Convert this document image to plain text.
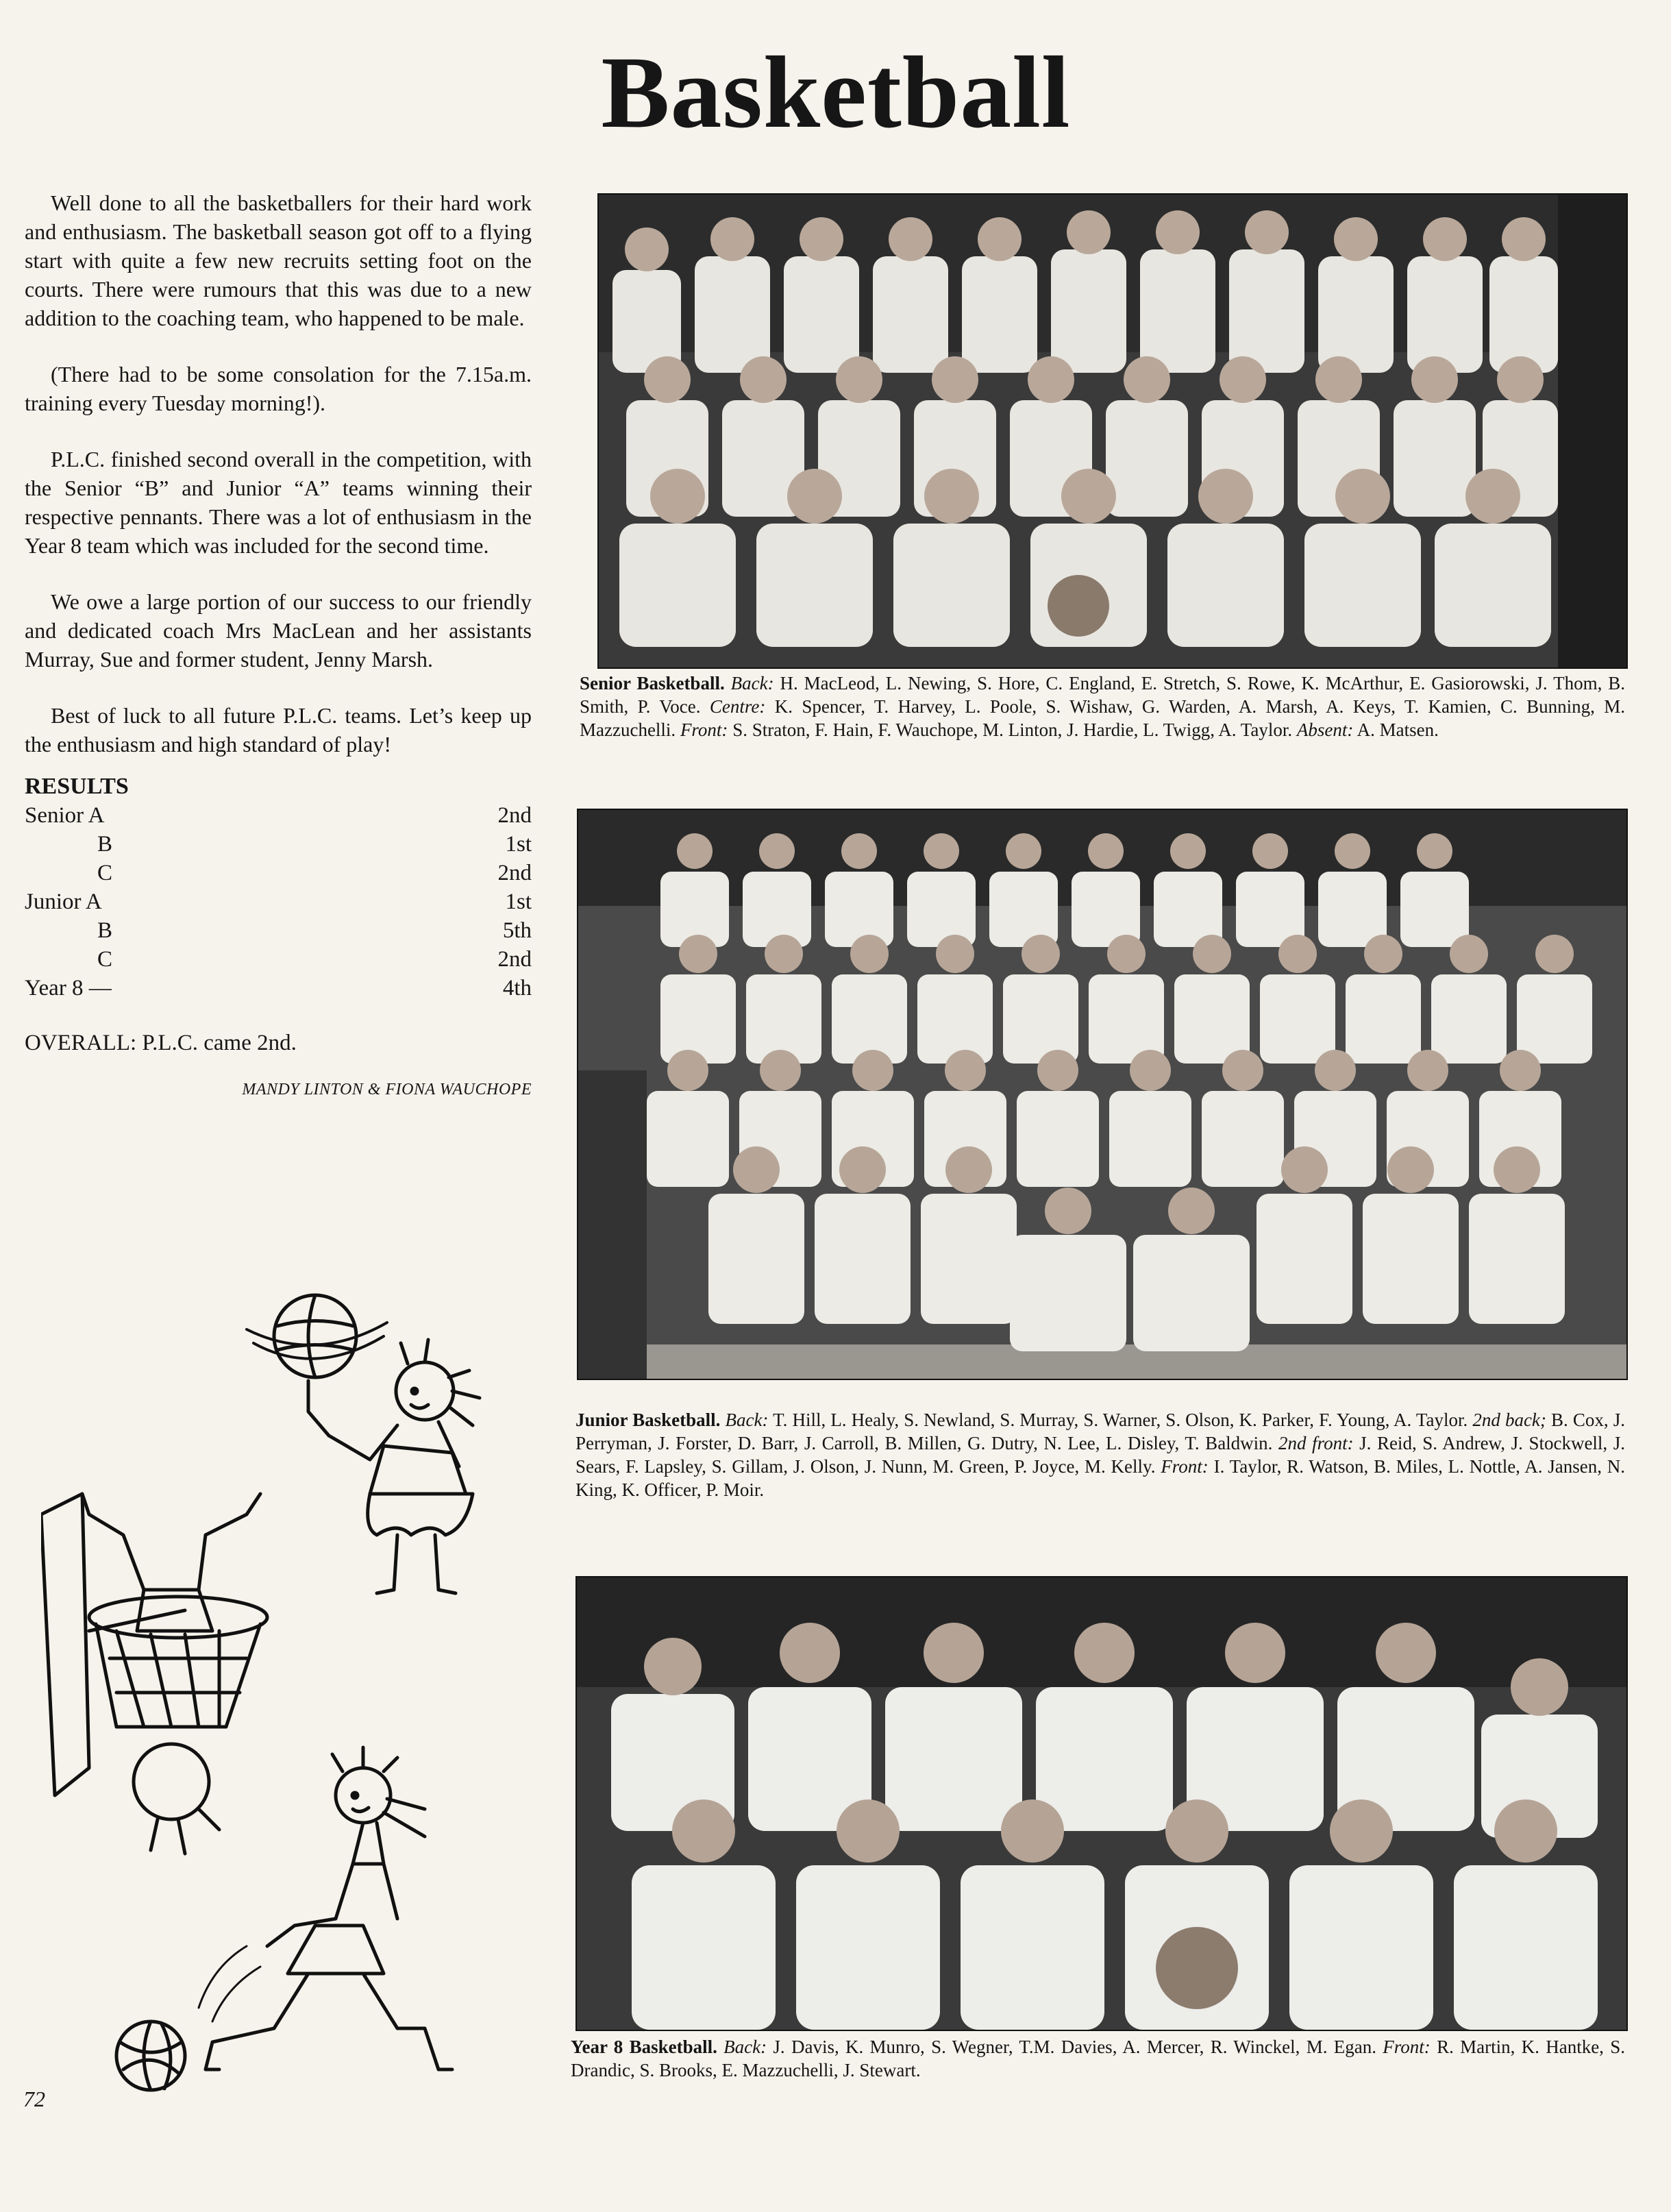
Basketball

Well done to all the basketballers for their hard work and enthusiasm. The basketball season got off to a flying start with quite a few new recruits setting foot on the courts. There were rumours that this was due to a new addition to the coaching team, who happened to be male.

(There had to be some consolation for the 7.15a.m. training every Tuesday morning!).

P.L.C. finished second overall in the competition, with the Senior “B” and Junior “A” teams winning their respective pennants. There was a lot of enthusiasm in the Year 8 team which was included for the second time.

We owe a large portion of our success to our friendly and dedicated coach Mrs MacLean and her assistants Murray, Sue and former student, Jenny Marsh.

Best of luck to all future P.L.C. teams. Let’s keep up the enthusiasm and high standard of play!

RESULTS
Senior A	2nd
B	1st
C	2nd
Junior A	1st
B	5th
C	2nd
Year 8 —	4th
OVERALL: P.L.C. came 2nd.
MANDY LINTON & FIONA WAUCHOPE
Senior Basketball. Back: H. MacLeod, L. Newing, S. Hore, C. England, E. Stretch, S. Rowe, K. McArthur, E. Gasiorowski, J. Thom, B. Smith, P. Voce. Centre: K. Spencer, T. Harvey, L. Poole, S. Wishaw, G. Warden, A. Marsh, A. Keys, T. Kamien, C. Bunning, M. Mazzuchelli. Front: S. Straton, F. Hain, F. Wauchope, M. Linton, J. Hardie, L. Twigg, A. Taylor. Absent: A. Matsen.
Junior Basketball. Back: T. Hill, L. Healy, S. Newland, S. Murray, S. Warner, S. Olson, K. Parker, F. Young, A. Taylor. 2nd back; B. Cox, J. Perryman, J. Forster, D. Barr, J. Carroll, B. Millen, G. Dutry, N. Lee, L. Disley, T. Baldwin. 2nd front: J. Reid, S. Andrew, J. Stockwell, J. Sears, F. Lapsley, S. Gillam, J. Olson, J. Nunn, M. Green, P. Joyce, M. Kelly. Front: I. Taylor, R. Watson, B. Miles, L. Nottle, A. Jansen, N. King, K. Officer, P. Moir.
Year 8 Basketball. Back: J. Davis, K. Munro, S. Wegner, T.M. Davies, A. Mercer, R. Winckel, M. Egan. Front: R. Martin, K. Hantke, S. Drandic, S. Brooks, E. Mazzuchelli, J. Stewart.
72
